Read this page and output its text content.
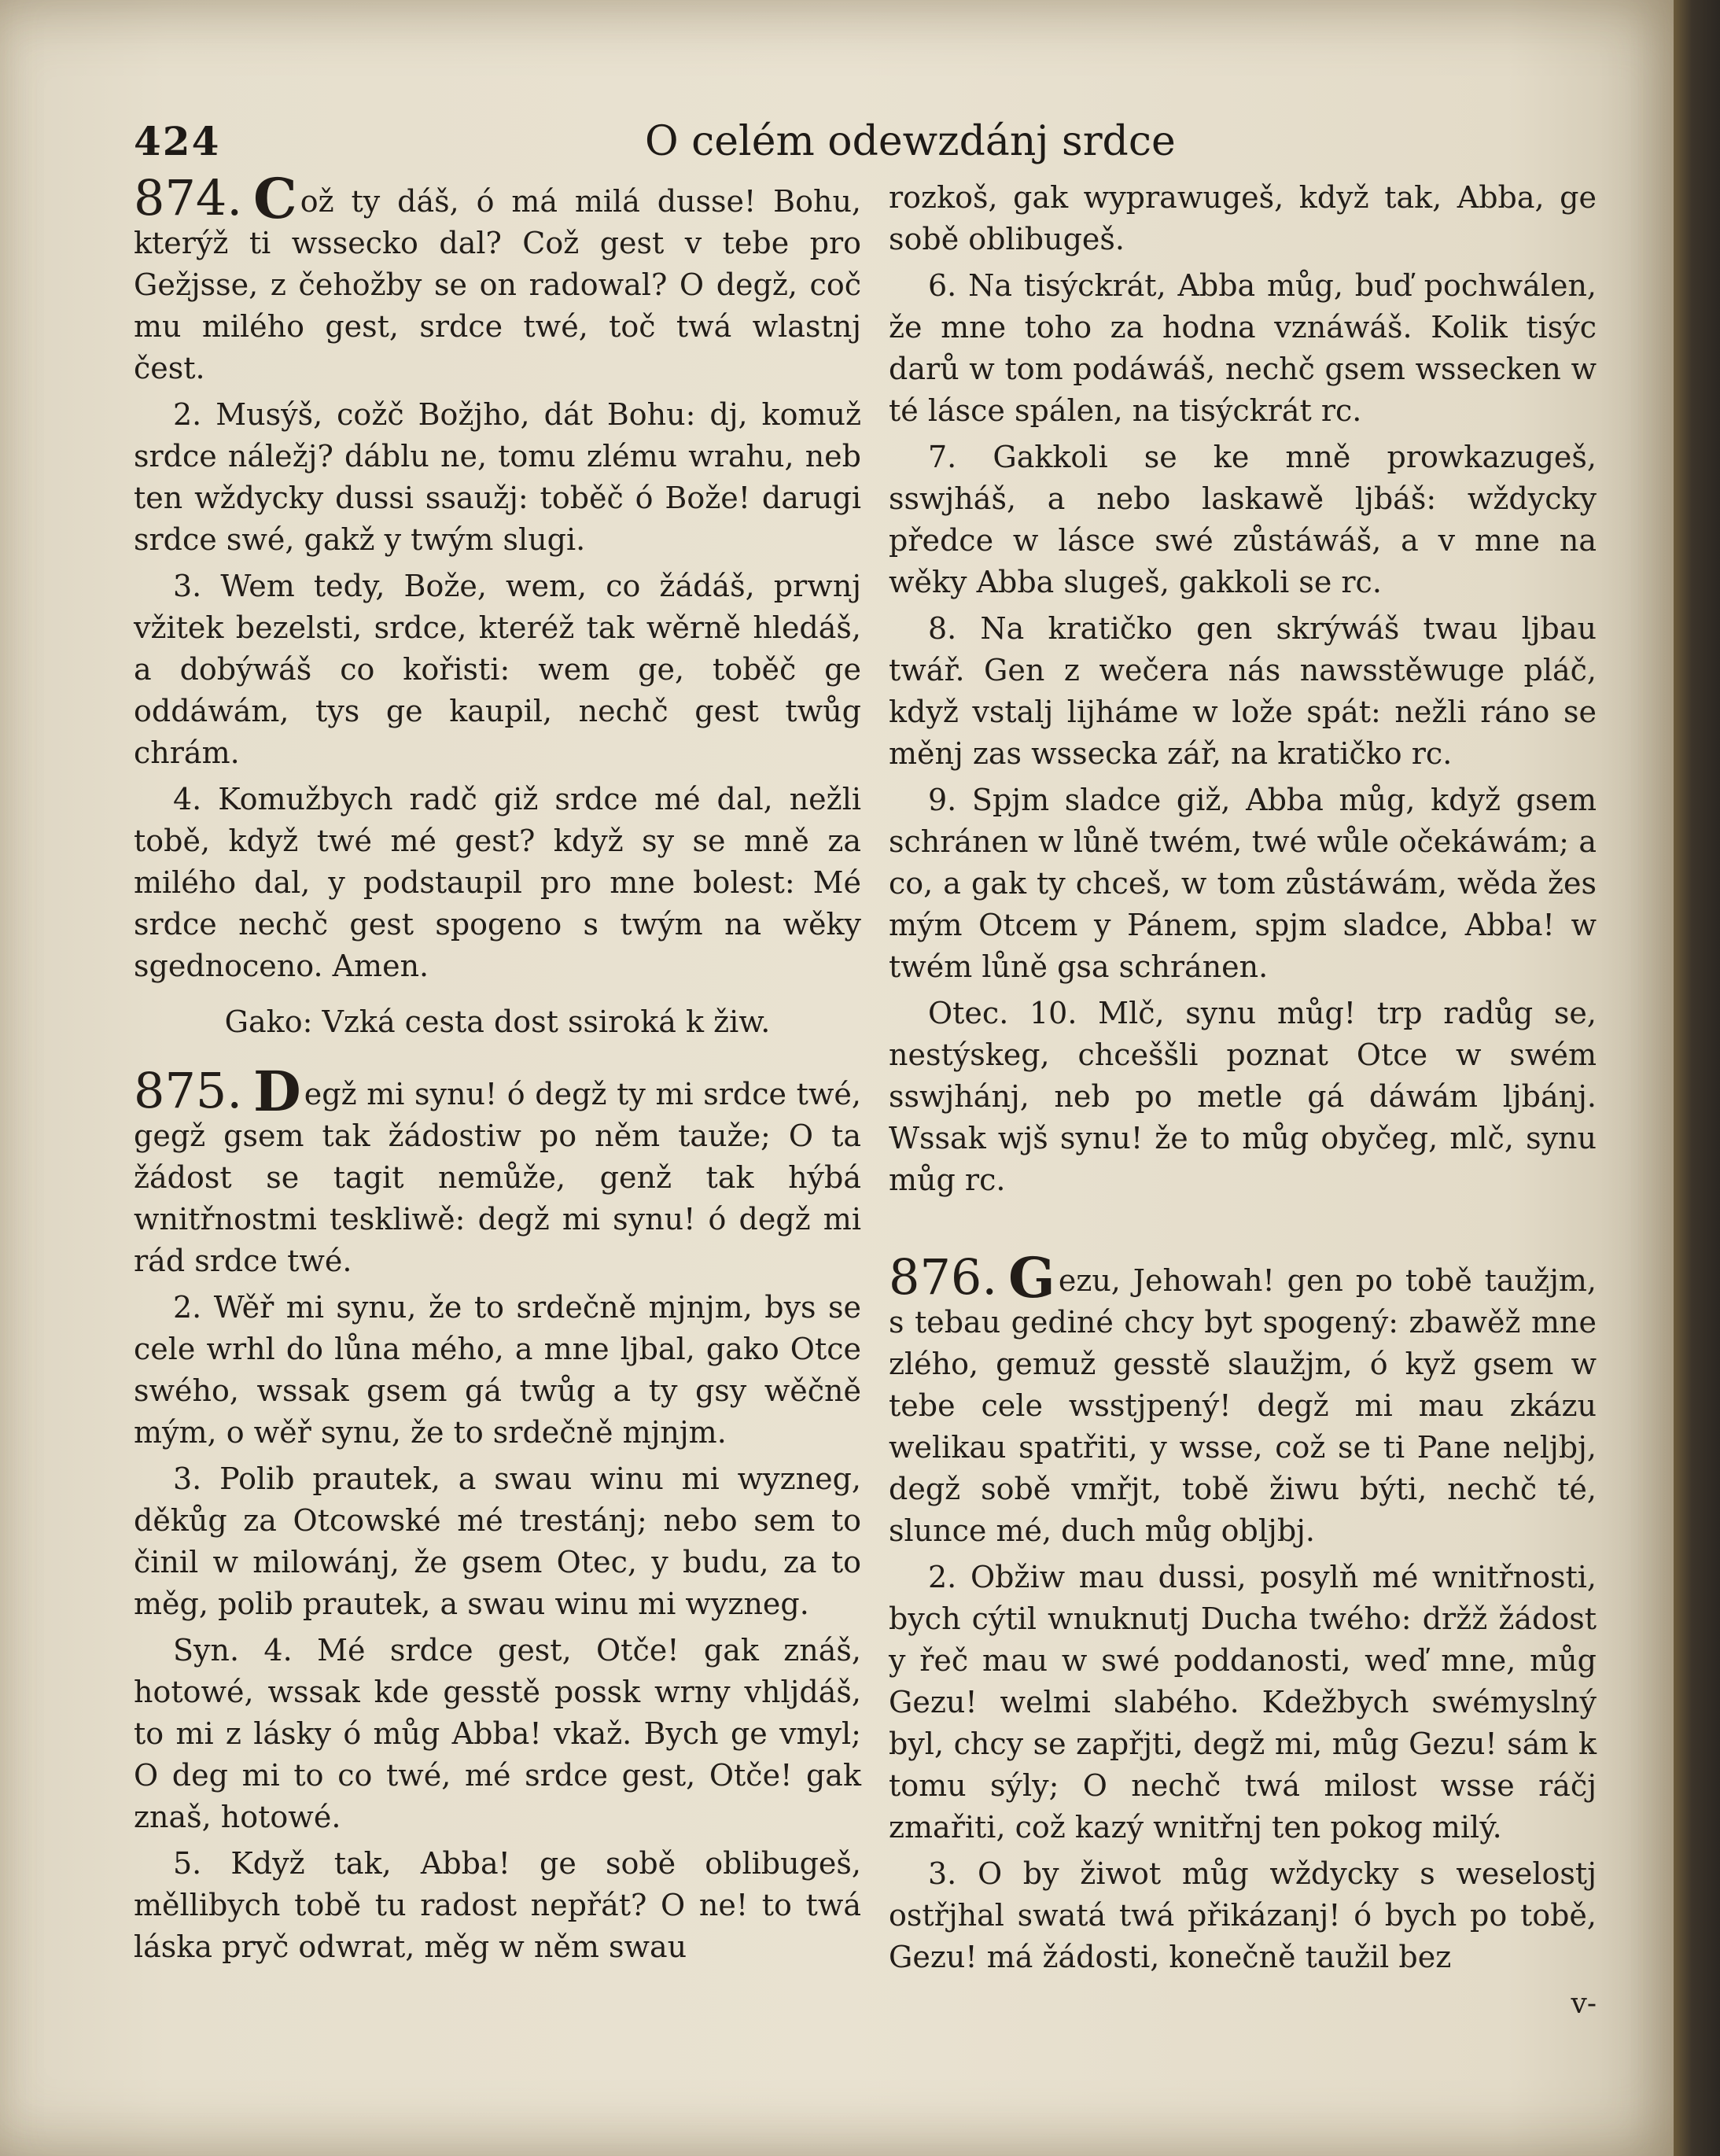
424	O celém odewzdánj srdce

874. C ož ty dáš, ó má milá dusse! Bohu, kterýž ti wssecko dal? Což gest v tebe pro Gežjsse, z čehožby se on radowal? O degž, coč mu milého gest, srdce twé, toč twá wlastnj čest.

2. Musýš, cožč Božjho, dát Bohu: dj, komuž srdce náležj? dáblu ne, tomu zlému wrahu, neb ten wždycky dussi ssaužj: toběč ó Bože! darugi srdce swé, gakž y twým slugi.

3. Wem tedy, Bože, wem, co žádáš, prwnj vžitek bezelsti, srdce, kteréž tak wěrně hledáš, a dobýwáš co kořisti: wem ge, toběč ge oddáwám, tys ge kaupil, nechč gest twůg chrám.

4. Komužbych radč giž srdce mé dal, nežli tobě, když twé mé gest? když sy se mně za milého dal, y podstaupil pro mne bolest: Mé srdce nechč gest spogeno s twým na wěky sgednoceno. Amen.

Gako: Vzká cesta dost ssiroká k žiw.

875. D egž mi synu! ó degž ty mi srdce twé, gegž gsem tak žádostiw po něm tauže; O ta žádost se tagit nemůže, genž tak hýbá wnitřnostmi teskliwě: degž mi synu! ó degž mi rád srdce twé.

2. Wěř mi synu, že to srdečně mjnjm, bys se cele wrhl do lůna mého, a mne ljbal, gako Otce swého, wssak gsem gá twůg a ty gsy wěčně mým, o wěř synu, že to srdečně mjnjm.

3. Polib prautek, a swau winu mi wyzneg, děkůg za Otcowské mé trestánj; nebo sem to činil w milowánj, že gsem Otec, y budu, za to měg, polib prautek, a swau winu mi wyzneg.

Syn. 4. Mé srdce gest, Otče! gak znáš, hotowé, wssak kde gesstě possk wrny vhljdáš, to mi z lásky ó můg Abba! vkaž. Bych ge vmyl; O deg mi to co twé, mé srdce gest, Otče! gak znaš, hotowé.

5. Když tak, Abba! ge sobě oblibugeš, měllibych tobě tu radost nepřát? O ne! to twá láska pryč odwrat, měg w něm swau

rozkoš, gak wyprawugeš, když tak, Abba, ge sobě oblibugeš.

6. Na tisýckrát, Abba můg, buď pochwálen, že mne toho za hodna vznáwáš. Kolik tisýc darů w tom podáwáš, nechč gsem wssecken w té lásce spálen, na tisýckrát rc.

7. Gakkoli se ke mně prowkazugeš, sswjháš, a nebo laskawě ljbáš: wždycky předce w lásce swé zůstáwáš, a v mne na wěky Abba slugeš, gakkoli se rc.

8. Na kratičko gen skrýwáš twau ljbau twář. Gen z wečera nás nawsstěwuge pláč, když vstalj lijháme w lože spát: nežli ráno se měnj zas wssecka zář, na kratičko rc.

9. Spjm sladce giž, Abba můg, když gsem schránen w lůně twém, twé wůle očekáwám; a co, a gak ty chceš, w tom zůstáwám, wěda žes mým Otcem y Pánem, spjm sladce, Abba! w twém lůně gsa schránen.

Otec. 10. Mlč, synu můg! trp radůg se, nestýskeg, chceššli poznat Otce w swém sswjhánj, neb po metle gá dáwám ljbánj. Wssak wjš synu! že to můg obyčeg, mlč, synu můg rc.

876. G ezu, Jehowah! gen po tobě taužjm, s tebau gediné chcy byt spogený: zbawěž mne zlého, gemuž gesstě slaužjm, ó kyž gsem w tebe cele wsstjpený! degž mi mau zkázu welikau spatřiti, y wsse, což se ti Pane neljbj, degž sobě vmřjt, tobě žiwu býti, nechč té, slunce mé, duch můg obljbj.

2. Obžiw mau dussi, posylň mé wnitřnosti, bych cýtil wnuknutj Ducha twého: držž žádost y řeč mau w swé poddanosti, weď mne, můg Gezu! welmi slabého. Kdežbych swémyslný byl, chcy se zapřjti, degž mi, můg Gezu! sám k tomu sýly; O nechč twá milost wsse ráčj zmařiti, což kazý wnitřnj ten pokog milý.

3. O by žiwot můg wždycky s weselostj ostřjhal swatá twá přikázanj! ó bych po tobě, Gezu! má žádosti, konečně taužil bez

v-
